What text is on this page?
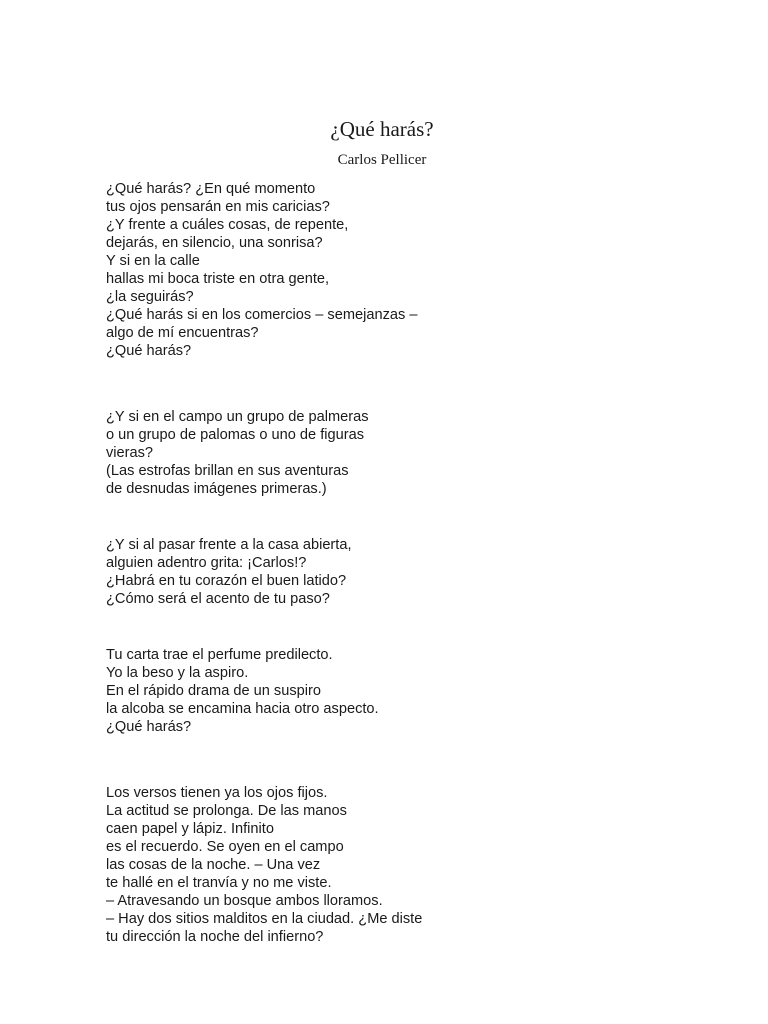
¿Qué harás?
Carlos Pellicer
¿Qué harás? ¿En qué momento
tus ojos pensarán en mis caricias?
¿Y frente a cuáles cosas, de repente,
dejarás, en silencio, una sonrisa?
Y si en la calle
hallas mi boca triste en otra gente,
¿la seguirás?
¿Qué harás si en los comercios – semejanzas –
algo de mí encuentras?
¿Qué harás?
¿Y si en el campo un grupo de palmeras
o un grupo de palomas o uno de figuras
vieras?
(Las estrofas brillan en sus aventuras
de desnudas imágenes primeras.)
¿Y si al pasar frente a la casa abierta,
alguien adentro grita: ¡Carlos!?
¿Habrá en tu corazón el buen latido?
¿Cómo será el acento de tu paso?
Tu carta trae el perfume predilecto.
Yo la beso y la aspiro.
En el rápido drama de un suspiro
la alcoba se encamina hacia otro aspecto.
¿Qué harás?
Los versos tienen ya los ojos fijos.
La actitud se prolonga. De las manos
caen papel y lápiz. Infinito
es el recuerdo. Se oyen en el campo
las cosas de la noche. – Una vez
te hallé en el tranvía y no me viste.
– Atravesando un bosque ambos lloramos.
– Hay dos sitios malditos en la ciudad. ¿Me diste
tu dirección la noche del infierno?
